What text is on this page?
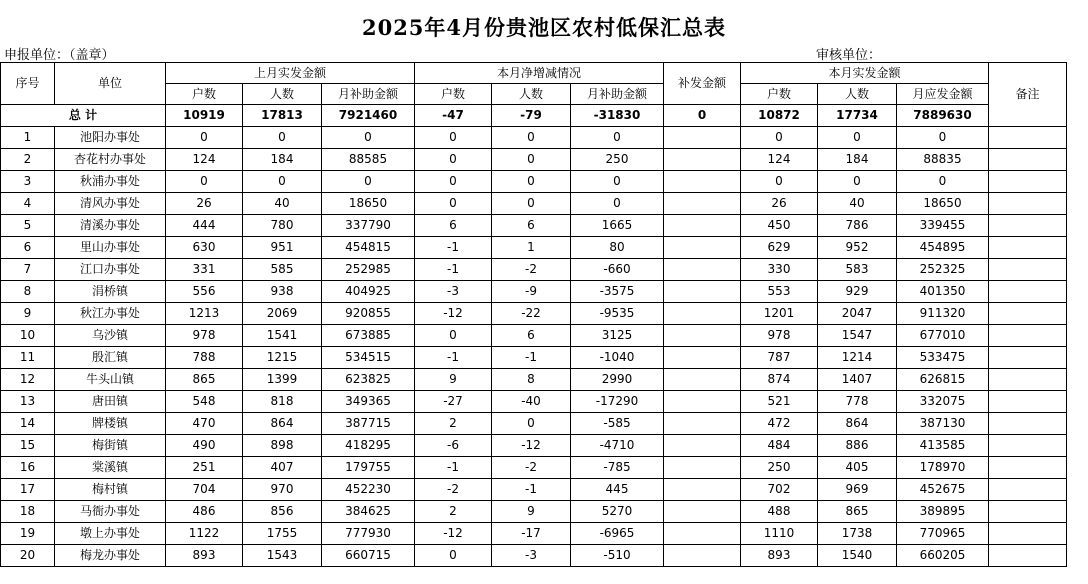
2025年4月份贵池区农村低保汇总表
申报单位：（盖章）	审核单位：
序号	单位	上月实发金额			本月净增减情况			补发金额	本月实发金额			备注
		户数	人数	月补助金额	户数	人数	月补助金额		户数	人数	月应发金额	
总 计		10919	17813	7921460	-47	-79	-31830	0	10872	17734	7889630	
1	池阳办事处	0	0	0	0	0	0		0	0	0	
2	杏花村办事处	124	184	88585	0	0	250		124	184	88835	
3	秋浦办事处	0	0	0	0	0	0		0	0	0	
4	清风办事处	26	40	18650	0	0	0		26	40	18650	
5	清溪办事处	444	780	337790	6	6	1665		450	786	339455	
6	里山办事处	630	951	454815	-1	1	80		629	952	454895	
7	江口办事处	331	585	252985	-1	-2	-660		330	583	252325	
8	涓桥镇	556	938	404925	-3	-9	-3575		553	929	401350	
9	秋江办事处	1213	2069	920855	-12	-22	-9535		1201	2047	911320	
10	乌沙镇	978	1541	673885	0	6	3125		978	1547	677010	
11	殷汇镇	788	1215	534515	-1	-1	-1040		787	1214	533475	
12	牛头山镇	865	1399	623825	9	8	2990		874	1407	626815	
13	唐田镇	548	818	349365	-27	-40	-17290		521	778	332075	
14	牌楼镇	470	864	387715	2	0	-585		472	864	387130	
15	梅街镇	490	898	418295	-6	-12	-4710		484	886	413585	
16	棠溪镇	251	407	179755	-1	-2	-785		250	405	178970	
17	梅村镇	704	970	452230	-2	-1	445		702	969	452675	
18	马衙办事处	486	856	384625	2	9	5270		488	865	389895	
19	墩上办事处	1122	1755	777930	-12	-17	-6965		1110	1738	770965	
20	梅龙办事处	893	1543	660715	0	-3	-510		893	1540	660205	
